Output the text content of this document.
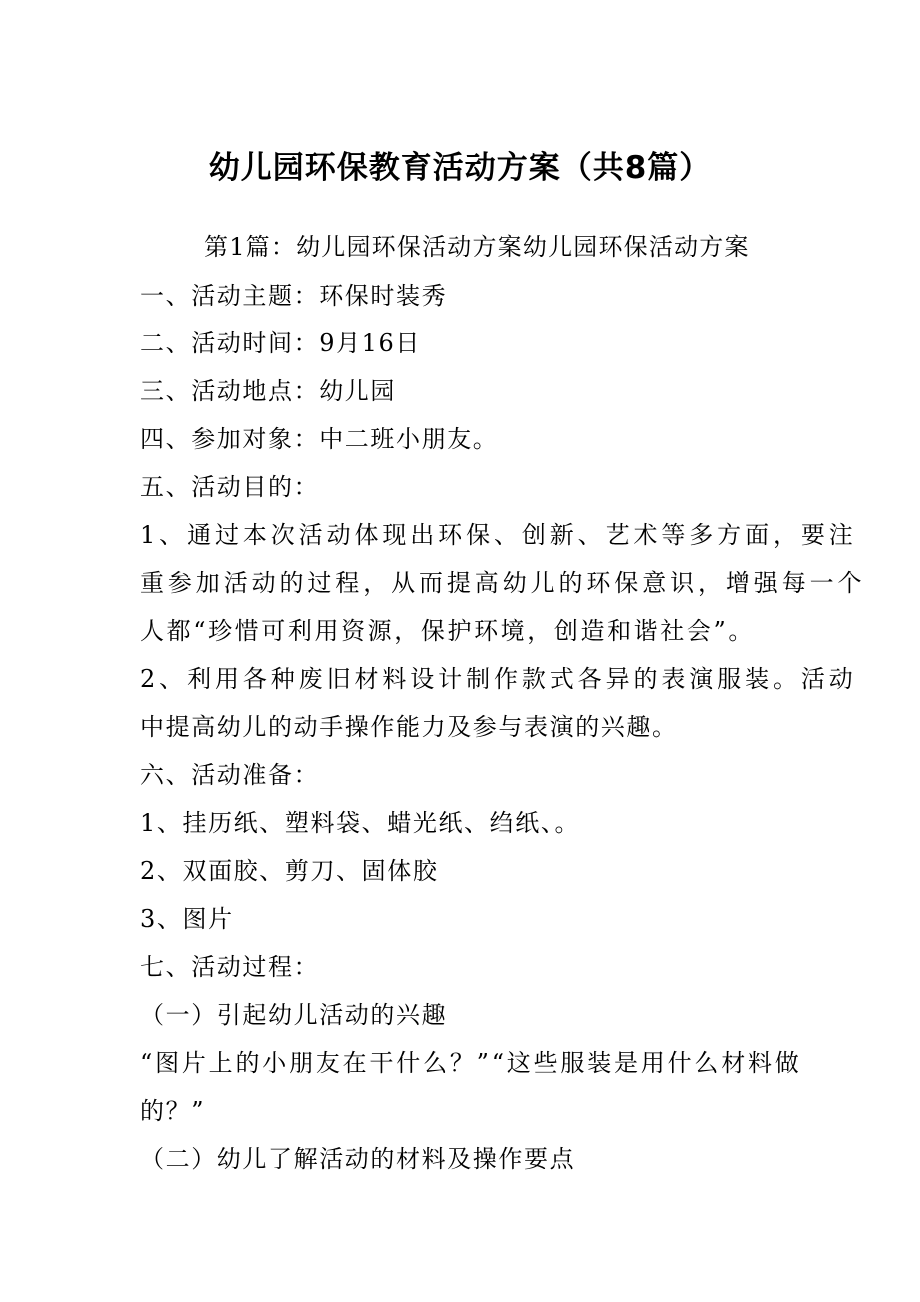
幼儿园环保教育活动方案（共8篇）

第1篇：幼儿园环保活动方案幼儿园环保活动方案

一、活动主题：环保时装秀

二、活动时间：9月16日

三、活动地点：幼儿园

四、参加对象：中二班小朋友。

五、活动目的：

1、通过本次活动体现出环保、创新、艺术等多方面，要注

重参加活动的过程，从而提高幼儿的环保意识，增强每一个

人都“珍惜可利用资源，保护环境，创造和谐社会”。

2、利用各种废旧材料设计制作款式各异的表演服装。活动

中提高幼儿的动手操作能力及参与表演的兴趣。

六、活动准备：

1、挂历纸、塑料袋、蜡光纸、绉纸、。

2、双面胶、剪刀、固体胶

3、图片

七、活动过程：

（一）引起幼儿活动的兴趣

“图片上的小朋友在干什么？”“这些服装是用什么材料做

的？”

（二）幼儿了解活动的材料及操作要点
